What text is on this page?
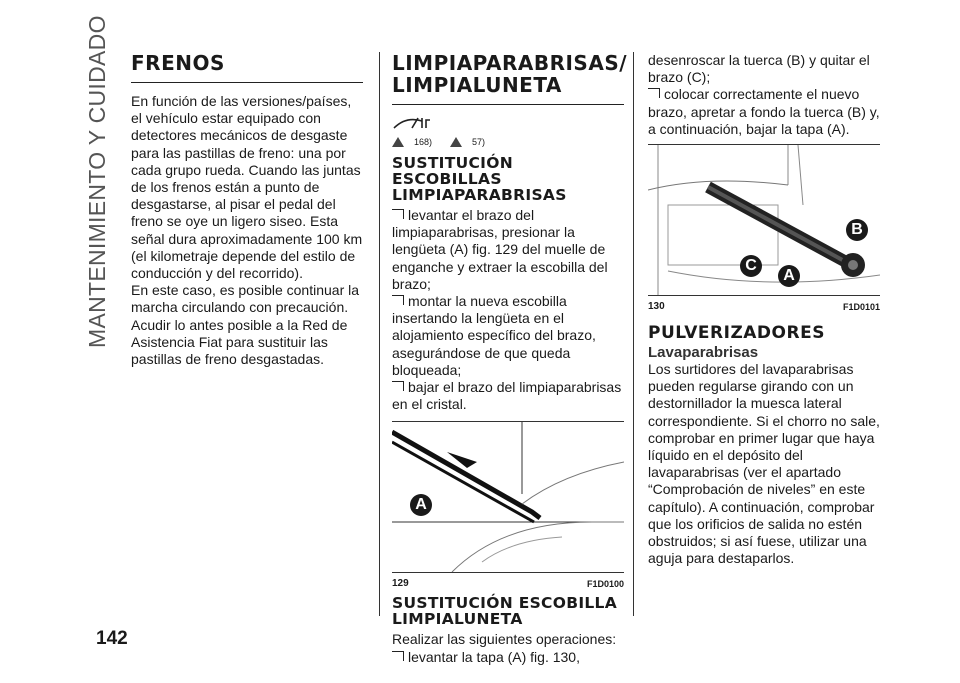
MANTENIMIENTO Y CUIDADO
142
FRENOS

En función de las versiones/países, el vehículo estar equipado con detectores mecánicos de desgaste para las pastillas de freno: una por cada grupo rueda. Cuando las juntas de los frenos están a punto de desgastarse, al pisar el pedal del freno se oye un ligero siseo. Esta señal dura aproximadamente 100 km (el kilometraje depende del estilo de conducción y del recorrido).

En este caso, es posible continuar la marcha circulando con precaución. Acudir lo antes posible a la Red de Asistencia Fiat para sustituir las pastillas de freno desgastadas.

LIMPIAPARABRISAS/ LIMPIALUNETA
168)	57)
SUSTITUCIÓN ESCOBILLAS LIMPIAPARABRISAS
levantar el brazo del limpiaparabrisas, presionar la lengüeta (A) fig. 129 del muelle de enganche y extraer la escobilla del brazo;
montar la nueva escobilla insertando la lengüeta en el alojamiento específico del brazo, asegurándose de que queda bloqueada;
bajar el brazo del limpiaparabrisas en el cristal.
A
129	F1D0100
SUSTITUCIÓN ESCOBILLA LIMPIALUNETA

Realizar las siguientes operaciones:

levantar la tapa (A) fig. 130,

desenroscar la tuerca (B) y quitar el brazo (C);

colocar correctamente el nuevo brazo, apretar a fondo la tuerca (B) y, a continuación, bajar la tapa (A).
B
C
A
130	F1D0101
PULVERIZADORES
Lavaparabrisas

Los surtidores del lavaparabrisas pueden regularse girando con un destornillador la muesca lateral correspondiente. Si el chorro no sale, comprobar en primer lugar que haya líquido en el depósito del lavaparabrisas (ver el apartado “Comprobación de niveles” en este capítulo). A continuación, comprobar que los orificios de salida no estén obstruidos; si así fuese, utilizar una aguja para destaparlos.
